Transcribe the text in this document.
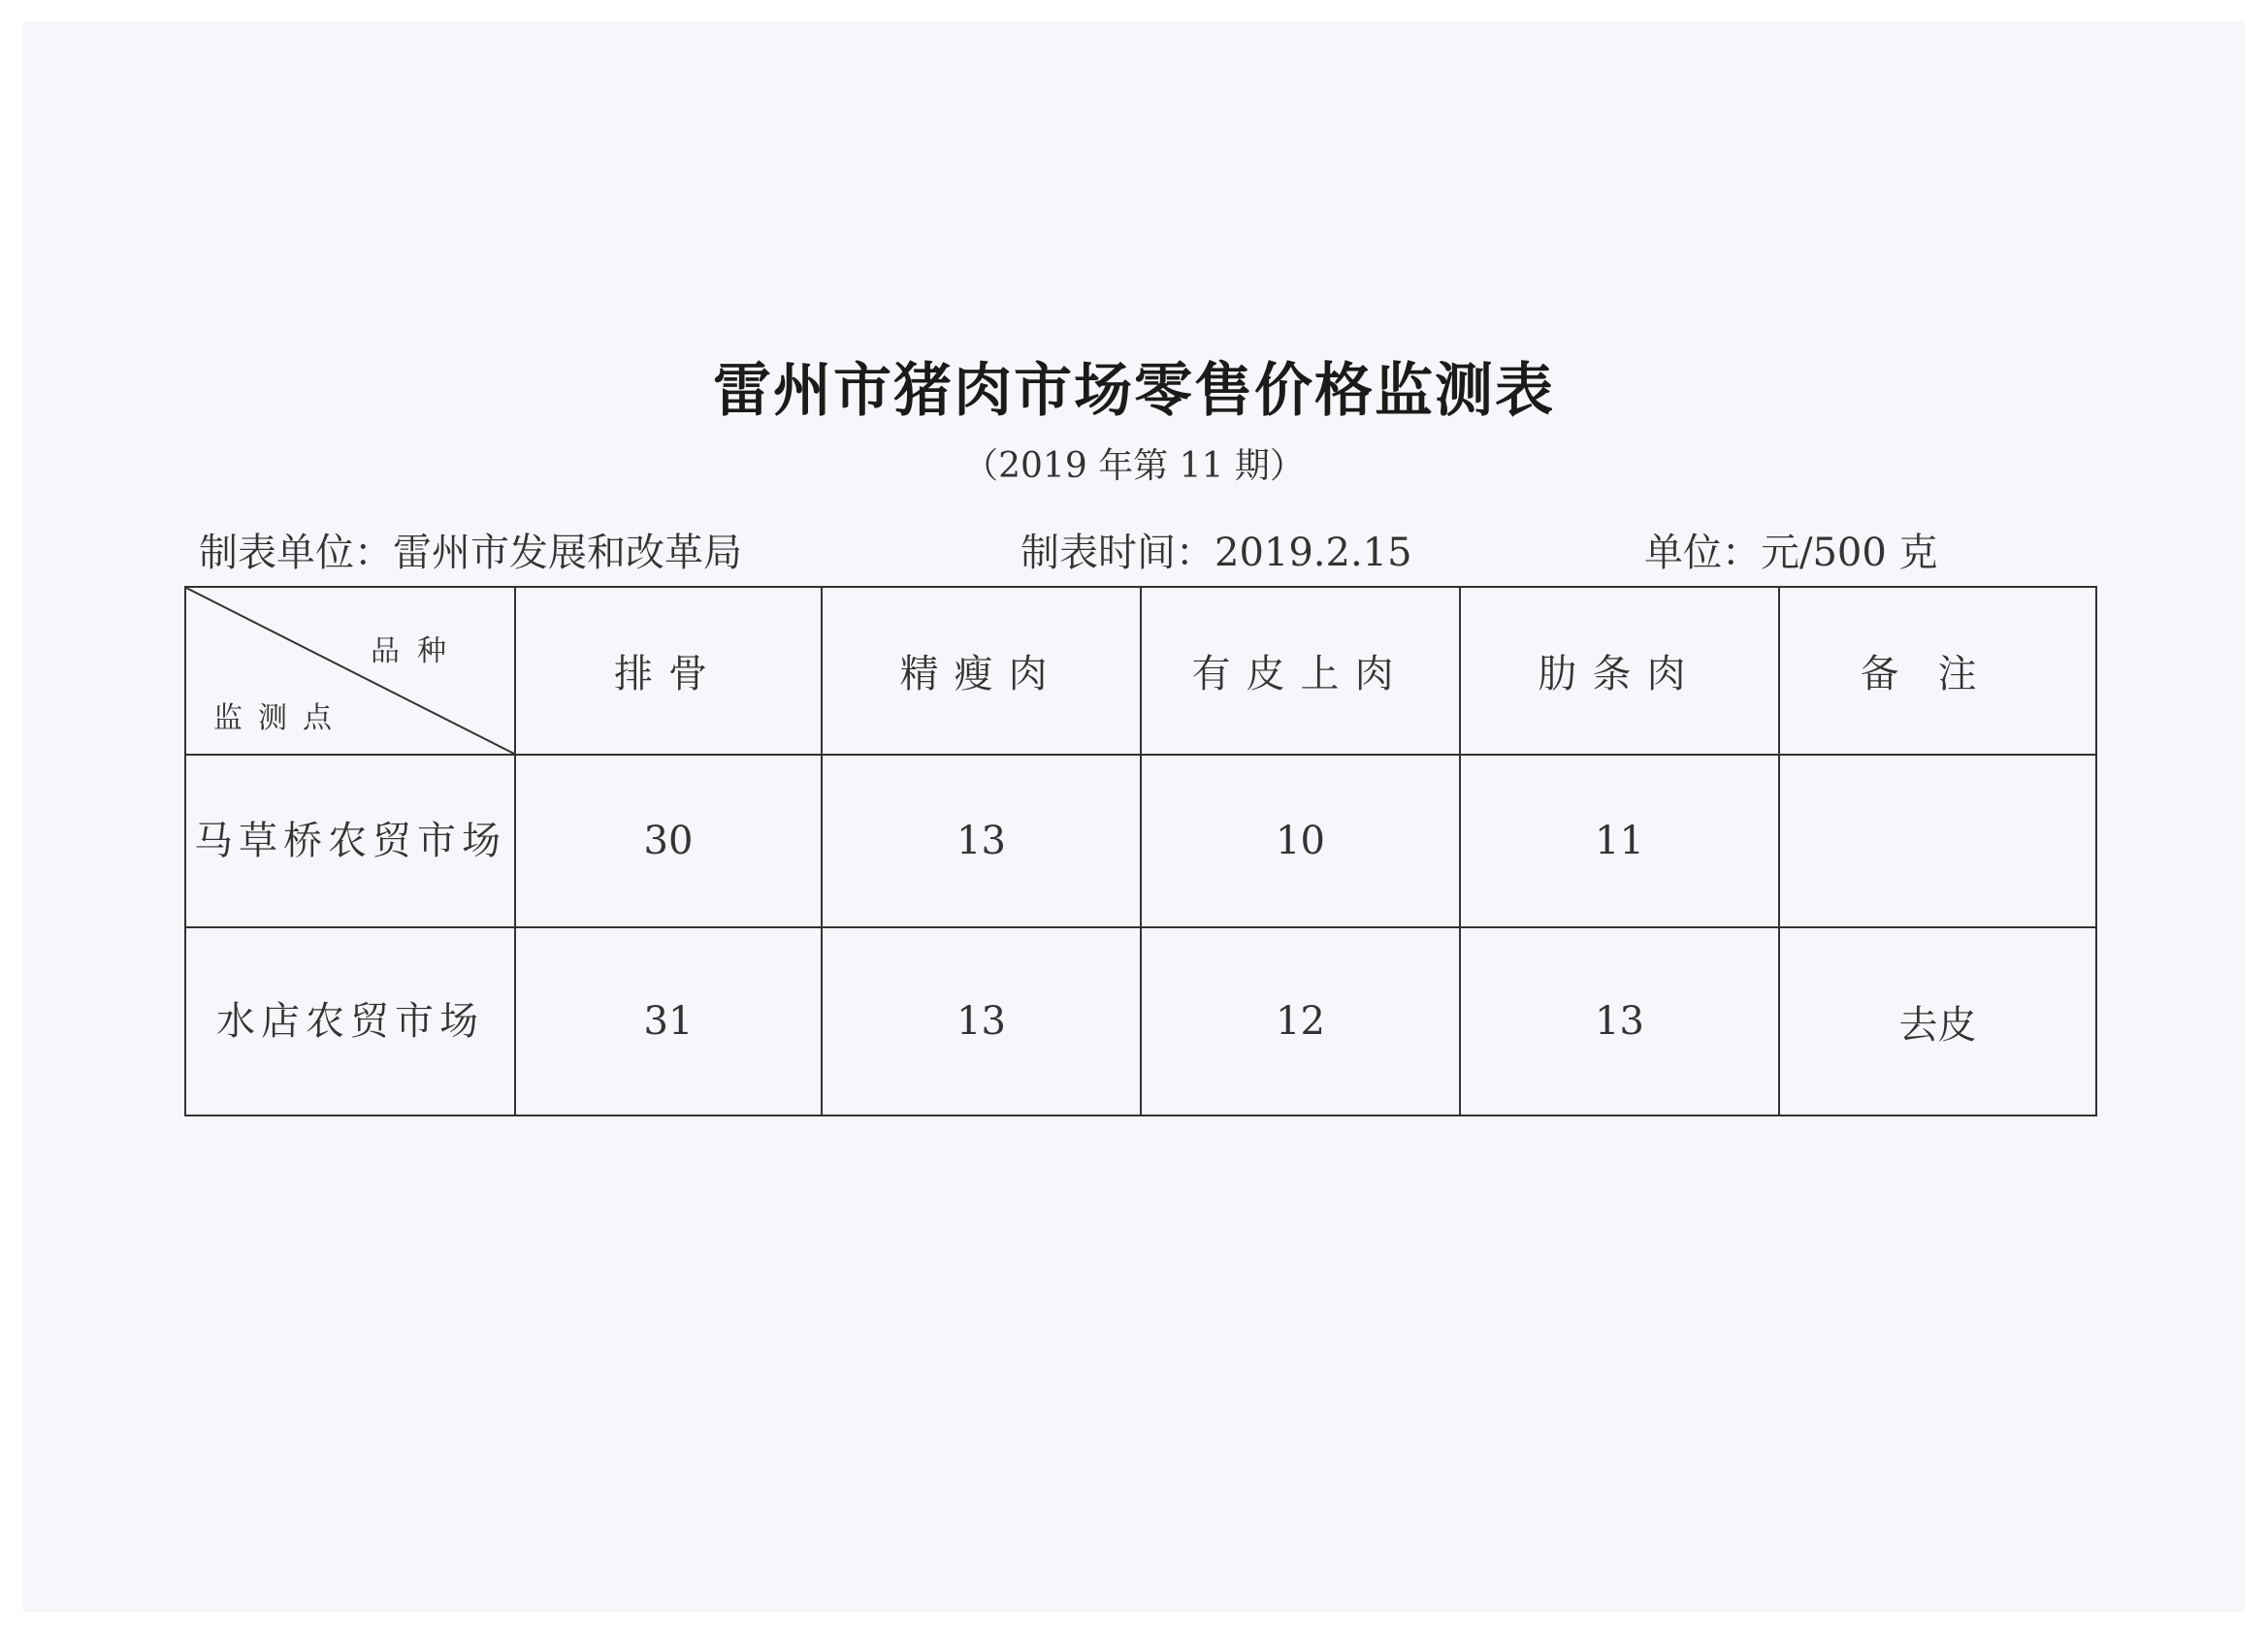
雷州市猪肉市场零售价格监测表
（2019 年第 11 期）
制表单位：雷州市发展和改革局	制表时间：2019.2.15	单位：元/500 克
品种
监测点	排骨	精瘦肉	有皮上肉	肋条肉	备注

马草桥农贸市场	30	13	10	11	

水店农贸市场	31	13	12	13	去皮
